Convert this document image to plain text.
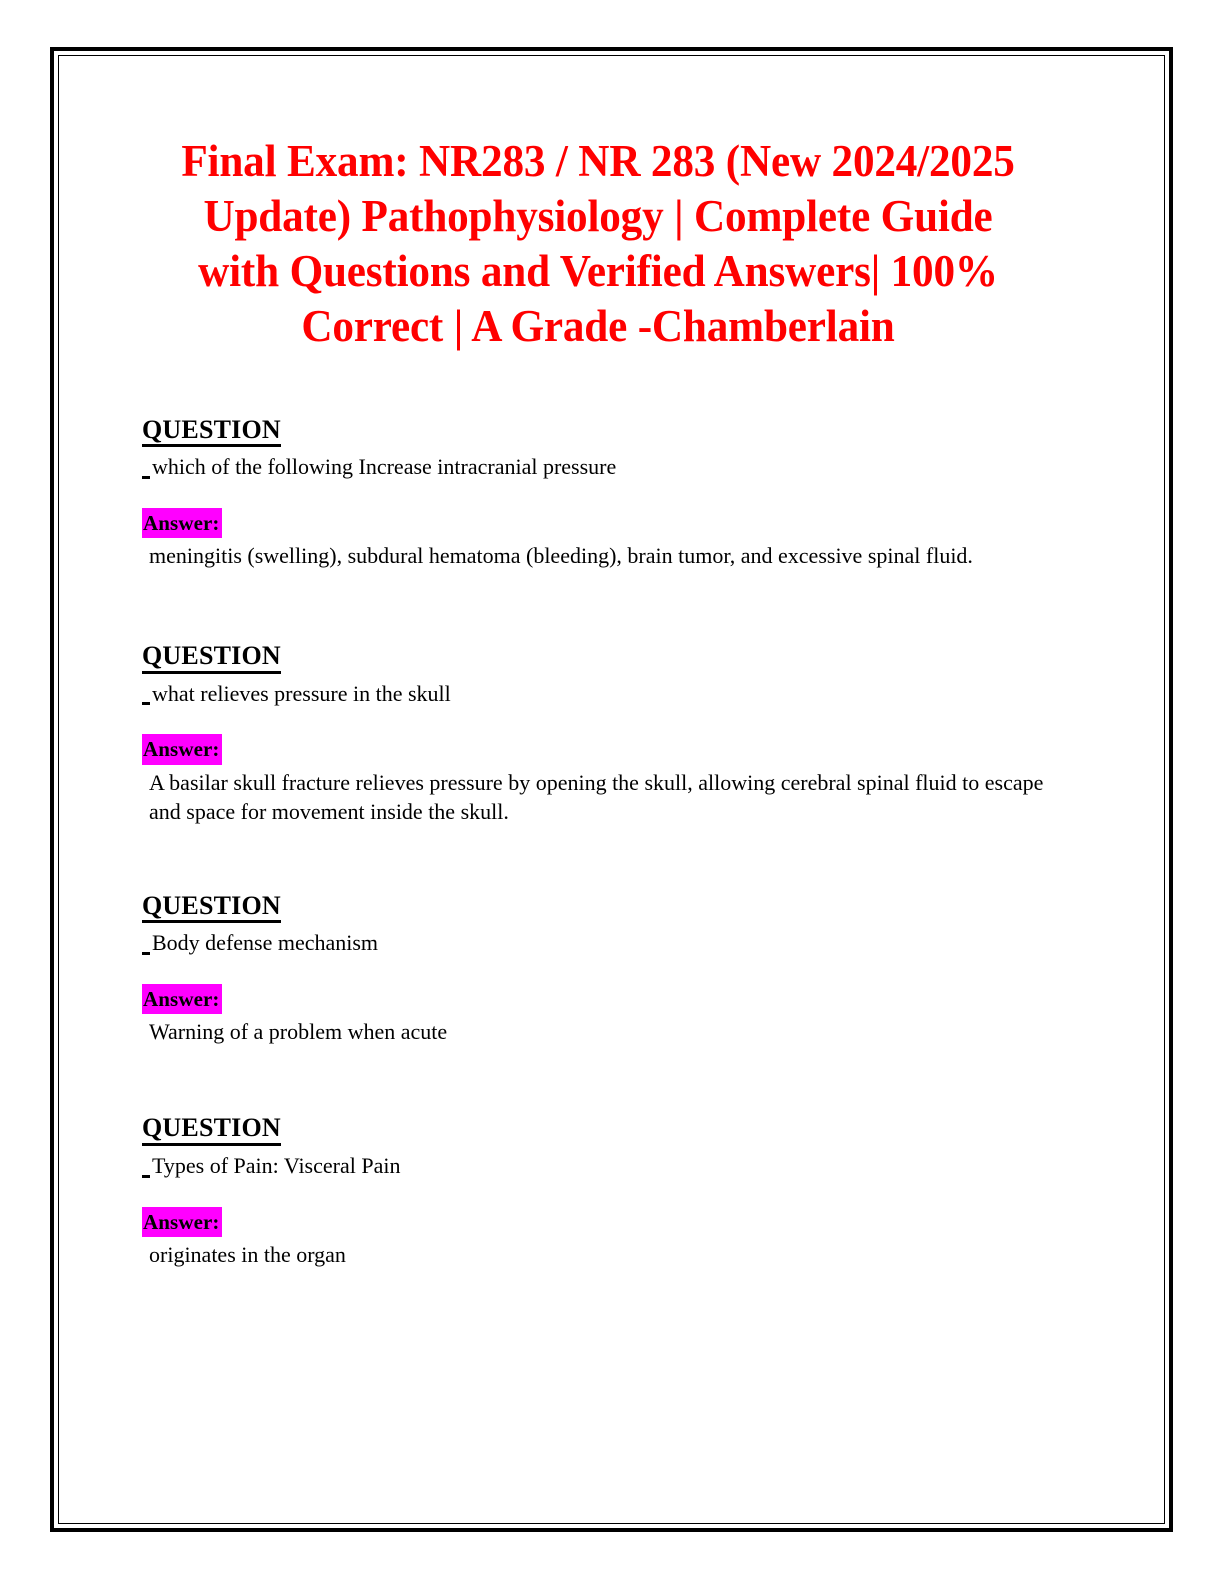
Final Exam: NR283 / NR 283 (New 2024/2025 Update) Pathophysiology | Complete Guide with Questions and Verified Answers| 100% Correct | A Grade -Chamberlain
QUESTION
which of the following Increase intracranial pressure
Answer:
meningitis (swelling), subdural hematoma (bleeding), brain tumor, and excessive spinal fluid.
QUESTION
what relieves pressure in the skull
Answer:
A basilar skull fracture relieves pressure by opening the skull, allowing cerebral spinal fluid to escape and space for movement inside the skull.
QUESTION
Body defense mechanism
Answer:
Warning of a problem when acute
QUESTION
Types of Pain: Visceral Pain
Answer:
originates in the organ
